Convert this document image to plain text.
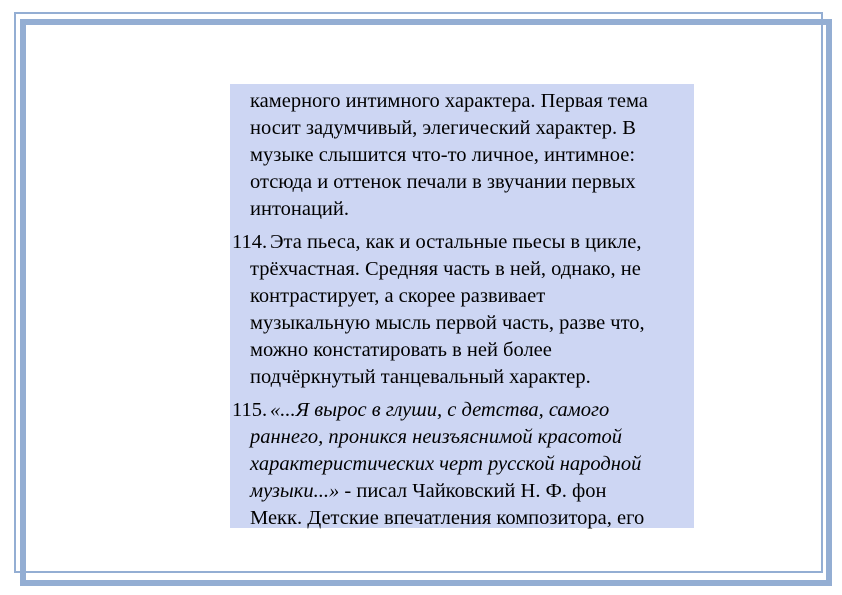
камерного интимного характера. Первая тема
носит задумчивый, элегический характер. В
музыке слышится что-то личное, интимное:
отсюда и оттенок печали в звучании первых
интонаций.
114. Эта пьеса, как и остальные пьесы в цикле,
трёхчастная. Средняя часть в ней, однако, не
контрастирует, а скорее развивает
музыкальную мысль первой часть, разве что,
можно констатировать в ней более
подчёркнутый танцевальный характер.
115. «...Я вырос в глуши, с детства, самого
раннего, проникся неизъяснимой красотой
характеристических черт русской народной
музыки...» - писал Чайковский Н. Ф. фон
Мекк. Детские впечатления композитора, его
